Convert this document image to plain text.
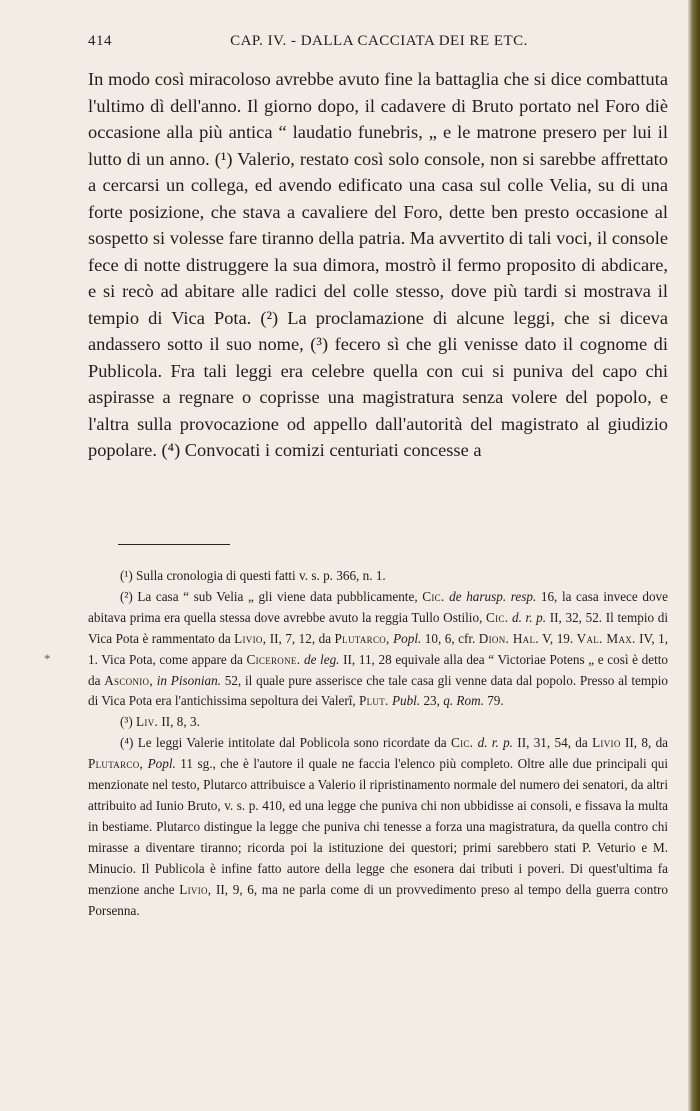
414	CAP. IV. - DALLA CACCIATA DEI RE ETC.

In modo così miracoloso avrebbe avuto fine la battaglia che si dice combattuta l'ultimo dì dell'anno. Il giorno dopo, il cadavere di Bruto portato nel Foro diè occasione alla più antica “ laudatio funebris, „ e le matrone presero per lui il lutto di un anno. (¹) Valerio, restato così solo console, non si sarebbe affrettato a cercarsi un collega, ed avendo edificato una casa sul colle Velia, su di una forte posizione, che stava a cavaliere del Foro, dette ben presto occasione al sospetto si volesse fare tiranno della patria. Ma avvertito di tali voci, il console fece di notte distruggere la sua dimora, mostrò il fermo proposito di abdicare, e si recò ad abitare alle radici del colle stesso, dove più tardi si mostrava il tempio di Vica Pota. (²) La proclamazione di alcune leggi, che si diceva andassero sotto il suo nome, (³) fecero sì che gli venisse dato il cognome di Publicola. Fra tali leggi era celebre quella con cui si puniva del capo chi aspirasse a regnare o coprisse una magistratura senza volere del popolo, e l'altra sulla provocazione od appello dall'autorità del magistrato al giudizio popolare. (⁴) Convocati i comizi centuriati concesse a

*

(¹) Sulla cronologia di questi fatti v. s. p. 366, n. 1.

(²) La casa “ sub Velia „ gli viene data pubblicamente, Cic. de harusp. resp. 16, la casa invece dove abitava prima era quella stessa dove avrebbe avuto la reggia Tullo Ostilio, Cic. d. r. p. II, 32, 52. Il tempio di Vica Pota è rammentato da Livio, II, 7, 12, da Plutarco, Popl. 10, 6, cfr. Dion. Hal. V, 19. Val. Max. IV, 1, 1. Vica Pota, come appare da Cicerone. de leg. II, 11, 28 equivale alla dea “ Victoriae Potens „ e così è detto da Asconio, in Pisonian. 52, il quale pure asserisce che tale casa gli venne data dal popolo. Presso al tempio di Vica Pota era l'antichissima sepoltura dei Valerî, Plut. Publ. 23, q. Rom. 79.

(³) Liv. II, 8, 3.

(⁴) Le leggi Valerie intitolate dal Poblicola sono ricordate da Cic. d. r. p. II, 31, 54, da Livio II, 8, da Plutarco, Popl. 11 sg., che è l'autore il quale ne faccia l'elenco più completo. Oltre alle due principali qui menzionate nel testo, Plutarco attribuisce a Valerio il ripristinamento normale del numero dei senatori, da altri attribuito ad Iunio Bruto, v. s. p. 410, ed una legge che puniva chi non ubbidisse ai consoli, e fissava la multa in bestiame. Plutarco distingue la legge che puniva chi tenesse a forza una magistratura, da quella contro chi mirasse a diventare tiranno; ricorda poi la istituzione dei questori; primi sarebbero stati P. Veturio e M. Minucio. Il Publicola è infine fatto autore della legge che esonera dai tributi i poveri. Di quest'ultima fa menzione anche Livio, II, 9, 6, ma ne parla come di un provvedimento preso al tempo della guerra contro Porsenna.
